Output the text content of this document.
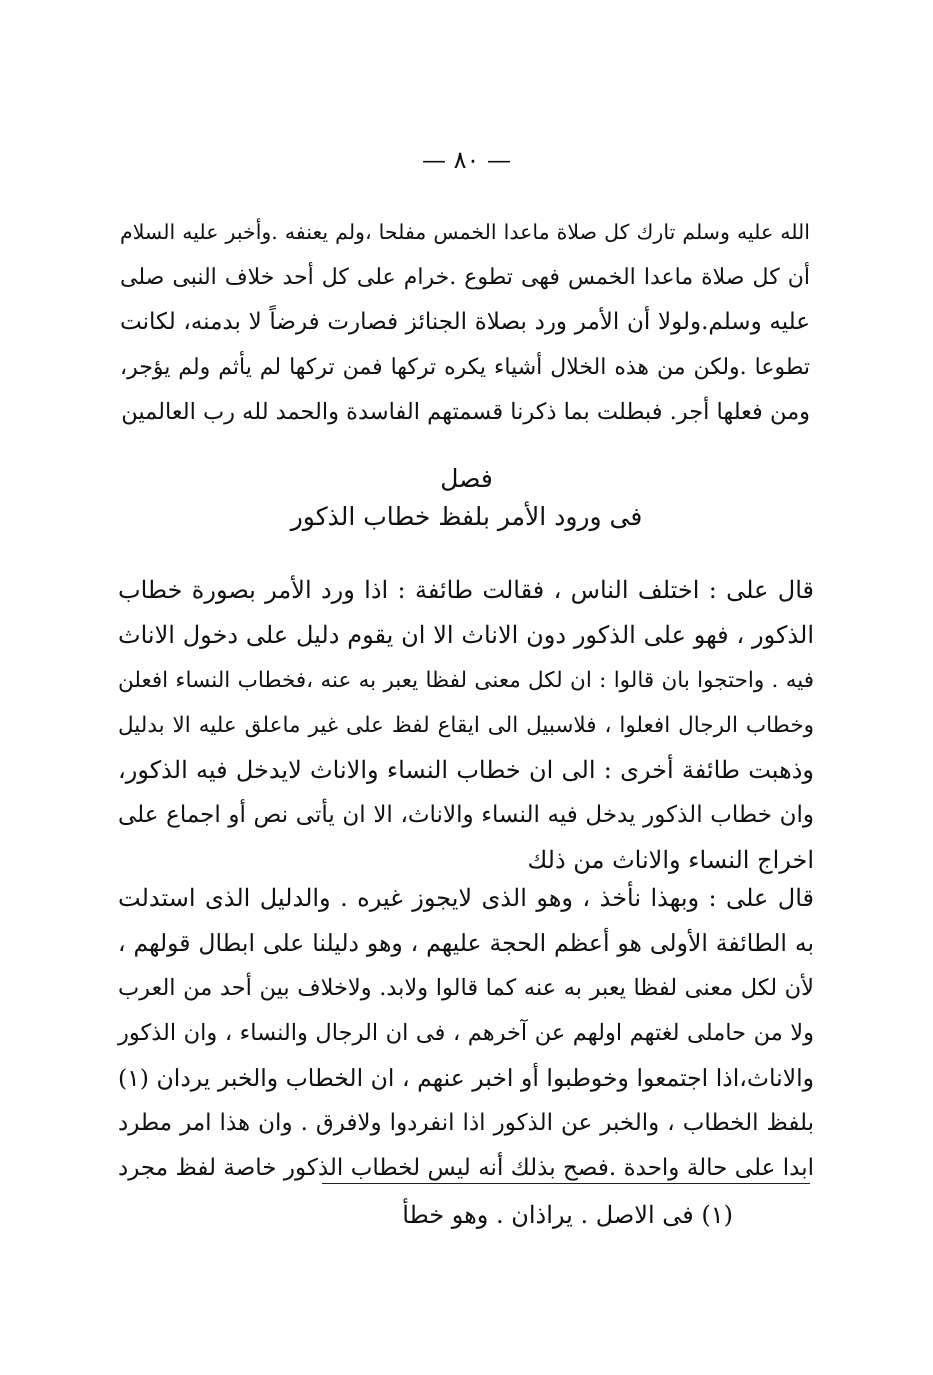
— ٨٠ —
الله عليه وسلم تارك كل صلاة ماعدا الخمس مفلحا ،ولم يعنفه .وأخبر عليه السلام
أن كل صلاة ماعدا الخمس فهى تطوع .خرام على كل أحد خلاف النبى صلى
عليه وسلم.ولولا أن الأمر ورد بصلاة الجنائز فصارت فرضاً لا بدمنه، لكانت
تطوعا .ولكن من هذه الخلال أشياء يكره تركها فمن تركها لم يأثم ولم يؤجر،
ومن فعلها أجر. فبطلت بما ذكرنا قسمتهم الفاسدة والحمد لله رب العالمين
فصل
فى ورود الأمر بلفظ خطاب الذكور
قال على : اختلف الناس ، فقالت طائفة : اذا ورد الأمر بصورة خطاب
الذكور ، فهو على الذكور دون الاناث الا ان يقوم دليل على دخول الاناث
فيه . واحتجوا بان قالوا : ان لكل معنى لفظا يعبر به عنه ،فخطاب النساء افعلن
وخطاب الرجال افعلوا ، فلاسبيل الى ايقاع لفظ على غير ماعلق عليه الا بدليل
وذهبت طائفة أخرى : الى ان خطاب النساء والاناث لايدخل فيه الذكور،
وان خطاب الذكور يدخل فيه النساء والاناث، الا ان يأتى نص أو اجماع على
اخراج النساء والاناث من ذلك
قال على : وبهذا نأخذ ، وهو الذى لايجوز غيره . والدليل الذى استدلت
به الطائفة الأولى هو أعظم الحجة عليهم ، وهو دليلنا على ابطال قولهم ،
لأن لكل معنى لفظا يعبر به عنه كما قالوا ولابد. ولاخلاف بين أحد من العرب
ولا من حاملى لغتهم اولهم عن آخرهم ، فى ان الرجال والنساء ، وان الذكور
والاناث،اذا اجتمعوا وخوطبوا أو اخبر عنهم ، ان الخطاب والخبر يردان (١)
بلفظ الخطاب ، والخبر عن الذكور اذا انفردوا ولافرق . وان هذا امر مطرد
ابدا على حالة واحدة .فصح بذلك أنه ليس لخطاب الذكور خاصة لفظ مجرد
(١) فى الاصل . يراذان . وهو خطأ
